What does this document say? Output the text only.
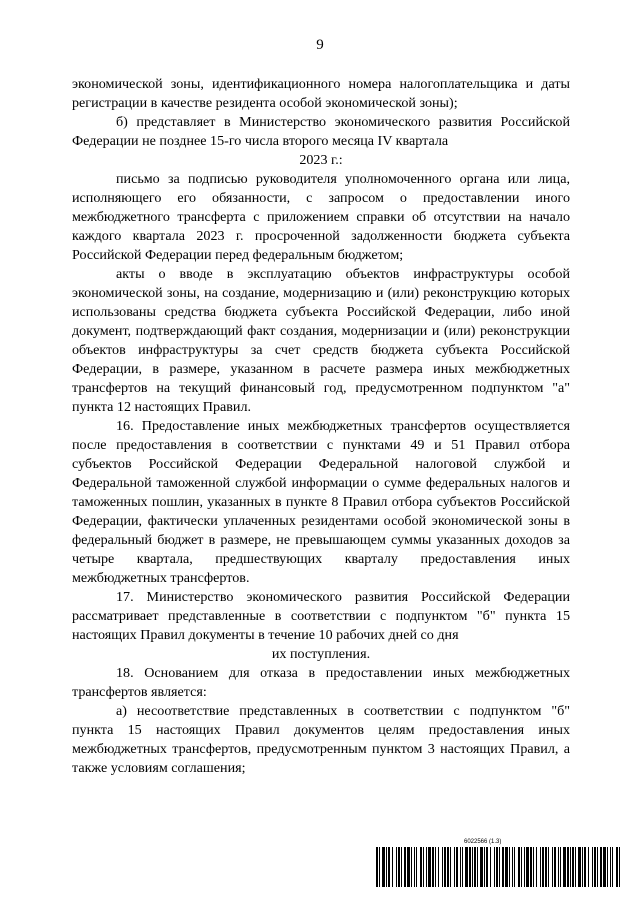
9

экономической зоны, идентификационного номера налогоплательщика и даты регистрации в качестве резидента особой экономической зоны);

б) представляет в Министерство экономического развития Российской Федерации не позднее 15-го числа второго месяца IV квартала

2023 г.:

письмо за подписью руководителя уполномоченного органа или лица, исполняющего его обязанности, с запросом о предоставлении иного межбюджетного трансферта с приложением справки об отсутствии на начало каждого квартала 2023 г. просроченной задолженности бюджета субъекта Российской Федерации перед федеральным бюджетом;

акты о вводе в эксплуатацию объектов инфраструктуры особой экономической зоны, на создание, модернизацию и (или) реконструкцию которых использованы средства бюджета субъекта Российской Федерации, либо иной документ, подтверждающий факт создания, модернизации и (или) реконструкции объектов инфраструктуры за счет средств бюджета субъекта Российской Федерации, в размере, указанном в расчете размера иных межбюджетных трансфертов на текущий финансовый год, предусмотренном подпунктом "а" пункта 12 настоящих Правил.

16. Предоставление иных межбюджетных трансфертов осуществляется после предоставления в соответствии с пунктами 49 и 51 Правил отбора субъектов Российской Федерации Федеральной налоговой службой и Федеральной таможенной службой информации о сумме федеральных налогов и таможенных пошлин, указанных в пункте 8 Правил отбора субъектов Российской Федерации, фактически уплаченных резидентами особой экономической зоны в федеральный бюджет в размере, не превышающем суммы указанных доходов за четыре квартала, предшествующих кварталу предоставления иных межбюджетных трансфертов.

17. Министерство экономического развития Российской Федерации рассматривает представленные в соответствии с подпунктом "б" пункта 15 настоящих Правил документы в течение 10 рабочих дней со дня

их поступления.

18. Основанием для отказа в предоставлении иных межбюджетных трансфертов является:

а) несоответствие представленных в соответствии с подпунктом "б" пункта 15 настоящих Правил документов целям предоставления иных межбюджетных трансфертов, предусмотренным пунктом 3 настоящих Правил, а также условиям соглашения;

6022566 (1.3)
